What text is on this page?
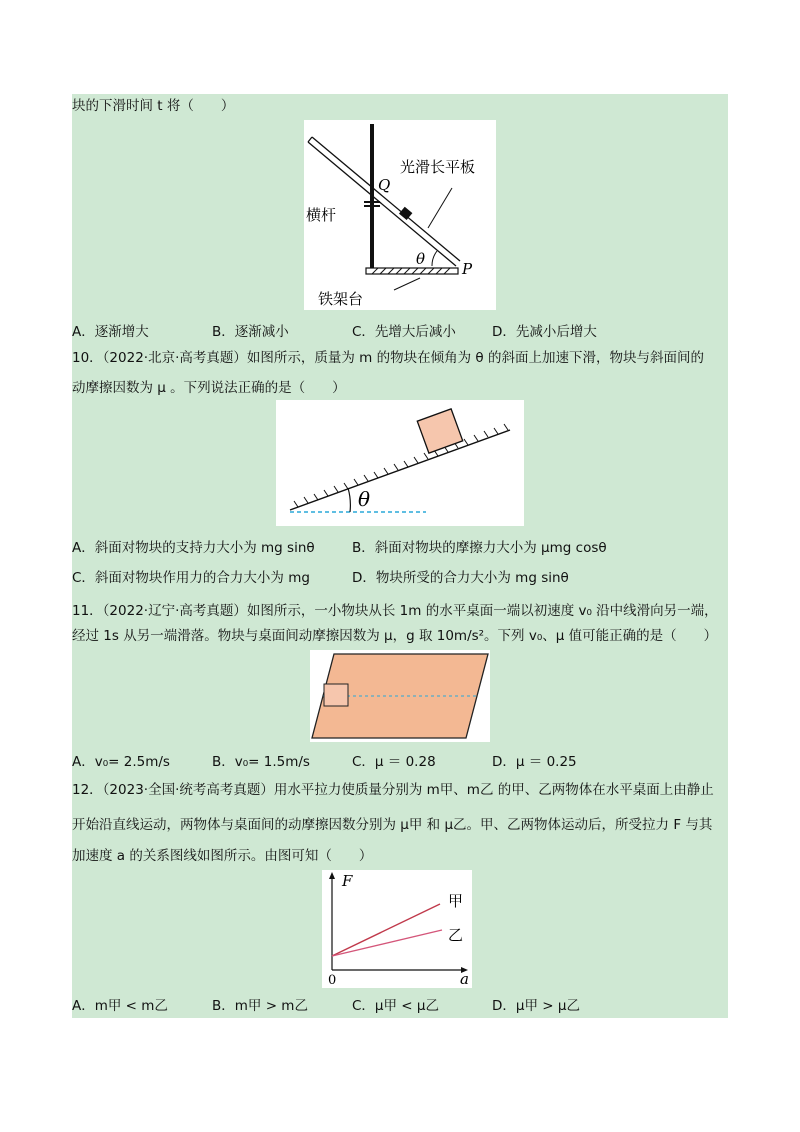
块的下滑时间 t 将（　　）
Q
光滑长平板
横杆
θ
P
铁架台
A．逐渐增大	B．逐渐减小	C．先增大后减小	D．先减小后增大
10．（2022·北京·高考真题）如图所示，质量为 m 的物块在倾角为 θ 的斜面上加速下滑，物块与斜面间的
动摩擦因数为 μ 。下列说法正确的是（　　）
θ
A．斜面对物块的支持力大小为 mg sinθ	B．斜面对物块的摩擦力大小为 μmg cosθ
C．斜面对物块作用力的合力大小为 mg	D．物块所受的合力大小为 mg sinθ
11．（2022·辽宁·高考真题）如图所示，一小物块从长 1m 的水平桌面一端以初速度 v₀ 沿中线滑向另一端，
经过 1s 从另一端滑落。物块与桌面间动摩擦因数为 μ，g 取 10m/s²。下列 v₀、μ 值可能正确的是（　　）
A．v₀= 2.5m/s	B．v₀= 1.5m/s	C．μ ＝ 0.28	D．μ ＝ 0.25
12．（2023·全国·统考高考真题）用水平拉力使质量分别为 m甲、m乙 的甲、乙两物体在水平桌面上由静止
开始沿直线运动，两物体与桌面间的动摩擦因数分别为 μ甲 和 μ乙。甲、乙两物体运动后，所受拉力 F 与其
加速度 a 的关系图线如图所示。由图可知（　　）
F
甲
乙
0	a
A．m甲 < m乙	B．m甲 > m乙	C．μ甲 < μ乙	D．μ甲 > μ乙
